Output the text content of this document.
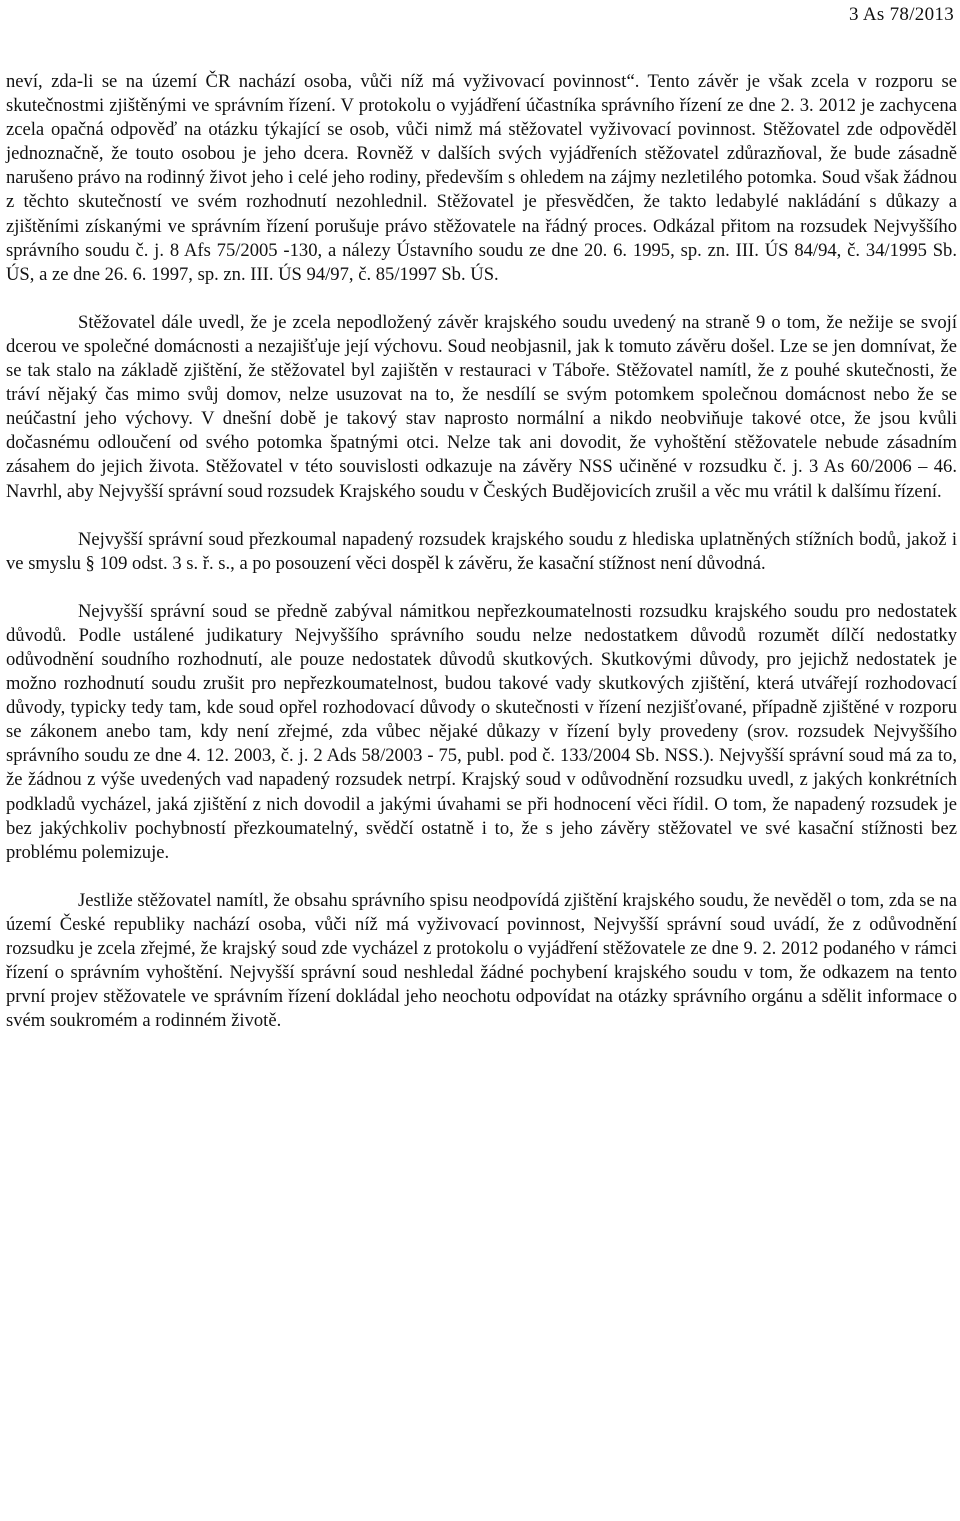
3 As 78/2013

neví, zda-li se na území ČR nachází osoba, vůči níž má vyživovací povinnost“. Tento závěr je však zcela v rozporu se skutečnostmi zjištěnými ve správním řízení. V protokolu o vyjádření účastníka správního řízení ze dne 2. 3. 2012 je zachycena zcela opačná odpověď na otázku týkající se osob, vůči nimž má stěžovatel vyživovací povinnost. Stěžovatel zde odpověděl jednoznačně, že touto osobou je jeho dcera. Rovněž v dalších svých vyjádřeních stěžovatel zdůrazňoval, že bude zásadně narušeno právo na rodinný život jeho i celé jeho rodiny, především s ohledem na zájmy nezletilého potomka. Soud však žádnou z těchto skutečností ve svém rozhodnutí nezohlednil. Stěžovatel je přesvědčen, že takto ledabylé nakládání s důkazy a zjištěními získanými ve správním řízení porušuje právo stěžovatele na řádný proces. Odkázal přitom na rozsudek Nejvyššího správního soudu č. j. 8 Afs 75/2005 -130, a nálezy Ústavního soudu ze dne 20. 6. 1995, sp. zn. III. ÚS 84/94, č. 34/1995 Sb. ÚS, a ze dne 26. 6. 1997, sp. zn. III. ÚS 94/97, č. 85/1997 Sb. ÚS.

Stěžovatel dále uvedl, že je zcela nepodložený závěr krajského soudu uvedený na straně 9 o tom, že nežije se svojí dcerou ve společné domácnosti a nezajišťuje její výchovu. Soud neobjasnil, jak k tomuto závěru došel. Lze se jen domnívat, že se tak stalo na základě zjištění, že stěžovatel byl zajištěn v restauraci v Táboře. Stěžovatel namítl, že z pouhé skutečnosti, že tráví nějaký čas mimo svůj domov, nelze usuzovat na to, že nesdílí se svým potomkem společnou domácnost nebo že se neúčastní jeho výchovy. V dnešní době je takový stav naprosto normální a nikdo neobviňuje takové otce, že jsou kvůli dočasnému odloučení od svého potomka špatnými otci. Nelze tak ani dovodit, že vyhoštění stěžovatele nebude zásadním zásahem do jejich života. Stěžovatel v této souvislosti odkazuje na závěry NSS učiněné v rozsudku č. j. 3 As 60/2006 – 46. Navrhl, aby Nejvyšší správní soud rozsudek Krajského soudu v Českých Budějovicích zrušil a věc mu vrátil k dalšímu řízení.

Nejvyšší správní soud přezkoumal napadený rozsudek krajského soudu z hlediska uplatněných stížních bodů, jakož i ve smyslu § 109 odst. 3 s. ř. s., a po posouzení věci dospěl k závěru, že kasační stížnost není důvodná.

Nejvyšší správní soud se předně zabýval námitkou nepřezkoumatelnosti rozsudku krajského soudu pro nedostatek důvodů. Podle ustálené judikatury Nejvyššího správního soudu nelze nedostatkem důvodů rozumět dílčí nedostatky odůvodnění soudního rozhodnutí, ale pouze nedostatek důvodů skutkových. Skutkovými důvody, pro jejichž nedostatek je možno rozhodnutí soudu zrušit pro nepřezkoumatelnost, budou takové vady skutkových zjištění, která utvářejí rozhodovací důvody, typicky tedy tam, kde soud opřel rozhodovací důvody o skutečnosti v řízení nezjišťované, případně zjištěné v rozporu se zákonem anebo tam, kdy není zřejmé, zda vůbec nějaké důkazy v řízení byly provedeny (srov. rozsudek Nejvyššího správního soudu ze dne 4. 12. 2003, č. j. 2 Ads 58/2003 - 75, publ. pod č. 133/2004 Sb. NSS.). Nejvyšší správní soud má za to, že žádnou z výše uvedených vad napadený rozsudek netrpí. Krajský soud v odůvodnění rozsudku uvedl, z jakých konkrétních podkladů vycházel, jaká zjištění z nich dovodil a jakými úvahami se při hodnocení věci řídil. O tom, že napadený rozsudek je bez jakýchkoliv pochybností přezkoumatelný, svědčí ostatně i to, že s jeho závěry stěžovatel ve své kasační stížnosti bez problému polemizuje.

Jestliže stěžovatel namítl, že obsahu správního spisu neodpovídá zjištění krajského soudu, že nevěděl o tom, zda se na území České republiky nachází osoba, vůči níž má vyživovací povinnost, Nejvyšší správní soud uvádí, že z odůvodnění rozsudku je zcela zřejmé, že krajský soud zde vycházel z protokolu o vyjádření stěžovatele ze dne 9. 2. 2012 podaného v rámci řízení o správním vyhoštění. Nejvyšší správní soud neshledal žádné pochybení krajského soudu v tom, že odkazem na tento první projev stěžovatele ve správním řízení dokládal jeho neochotu odpovídat na otázky správního orgánu a sdělit informace o svém soukromém a rodinném životě.
